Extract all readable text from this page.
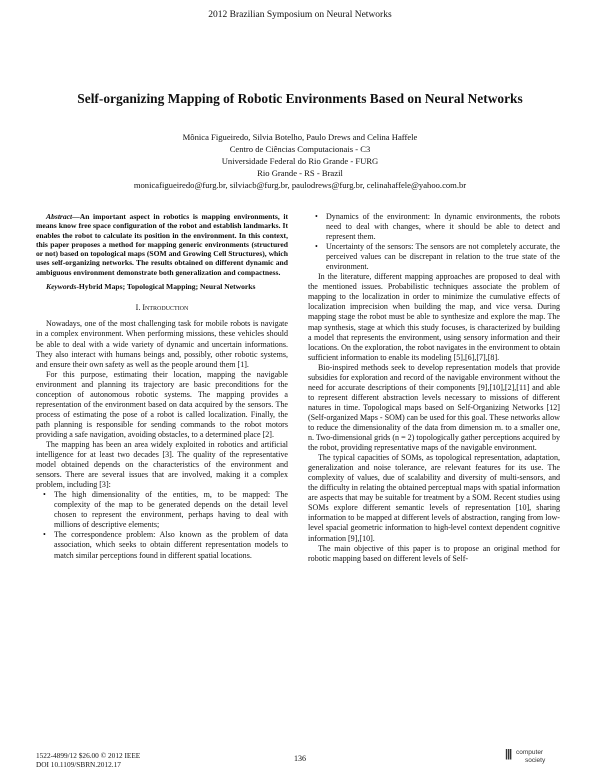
2012 Brazilian Symposium on Neural Networks
Self-organizing Mapping of Robotic Environments Based on Neural Networks
Mônica Figueiredo, Silvia Botelho, Paulo Drews and Celina Haffele
Centro de Ciências Computacionais - C3
Universidade Federal do Rio Grande - FURG
Rio Grande - RS - Brazil
monicafigueiredo@furg.br, silviacb@furg.br, paulodrews@furg.br, celinahaffele@yahoo.com.br

Abstract—An important aspect in robotics is mapping environments, it means know free space configuration of the robot and establish landmarks. It enables the robot to calculate its position in the environment. In this context, this paper proposes a method for mapping generic environments (structured or not) based on topological maps (SOM and Growing Cell Structures), which uses self-organizing networks. The results obtained on different dynamic and ambiguous environment demonstrate both generalization and compactness.

Keywords-Hybrid Maps; Topological Mapping; Neural Networks

I. Introduction

Nowadays, one of the most challenging task for mobile robots is navigate in a complex environment. When performing missions, these vehicles should be able to deal with a wide variety of dynamic and uncertain informations. They also interact with humans beings and, possibly, other robotic systems, and ensure their own safety as well as the people around them [1].

For this purpose, estimating their location, mapping the navigable environment and planning its trajectory are basic preconditions for the conception of autonomous robotic systems. The mapping provides a representation of the environment based on data acquired by the sensors. The process of estimating the pose of a robot is called localization. Finally, the path planning is responsible for sending commands to the robot motors providing a safe navigation, avoiding obstacles, to a determined place [2].

The mapping has been an area widely exploited in robotics and artificial intelligence for at least two decades [3]. The quality of the representative model obtained depends on the characteristics of the environment and sensors. There are several issues that are involved, making it a complex problem, including [3]:

• The high dimensionality of the entities, m, to be mapped: The complexity of the map to be generated depends on the detail level chosen to represent the environment, perhaps having to deal with millions of descriptive elements;
• The correspondence problem: Also known as the problem of data association, which seeks to obtain different representation models to match similar perceptions found in different spatial locations.
• Dynamics of the environment: In dynamic environments, the robots need to deal with changes, where it should be able to detect and represent them.
• Uncertainty of the sensors: The sensors are not completely accurate, the perceived values can be discrepant in relation to the true state of the environment.

In the literature, different mapping approaches are proposed to deal with the mentioned issues. Probabilistic techniques associate the problem of mapping to the localization in order to minimize the cumulative effects of localization imprecision when building the map, and vice versa. During mapping stage the robot must be able to synthesize and explore the map. The map synthesis, stage at which this study focuses, is characterized by building a model that represents the environment, using sensory information and their locations. On the exploration, the robot navigates in the environment to obtain sufficient information to enable its modeling [5],[6],[7],[8].

Bio-inspired methods seek to develop representation models that provide subsidies for exploration and record of the navigable environment without the need for accurate descriptions of their components [9],[10],[2],[11] and able to represent different abstraction levels necessary to missions of different natures in time. Topological maps based on Self-Organizing Networks [12] (Self-organized Maps - SOM) can be used for this goal. These networks allow to reduce the dimensionality of the data from dimension m. to a smaller one, n. Two-dimensional grids (n = 2) topologically gather perceptions acquired by the robot, providing representative maps of the navigable environment.

The typical capacities of SOMs, as topological representation, adaptation, generalization and noise tolerance, are relevant features for its use. The complexity of values, due of scalability and diversity of multi-sensors, and the difficulty in relating the obtained perceptual maps with spatial information are aspects that may be suitable for treatment by a SOM. Recent studies using SOMs explore different semantic levels of representation [10], sharing information to be mapped at different levels of abstraction, ranging from low-level spacial geometric information to high-level context dependent cognitive information [9],[10].

The main objective of this paper is to propose an original method for robotic mapping based on different levels of Self-

1522-4899/12 $26.00 © 2012 IEEE
DOI 10.1109/SBRN.2012.17
136	||| computer
society
